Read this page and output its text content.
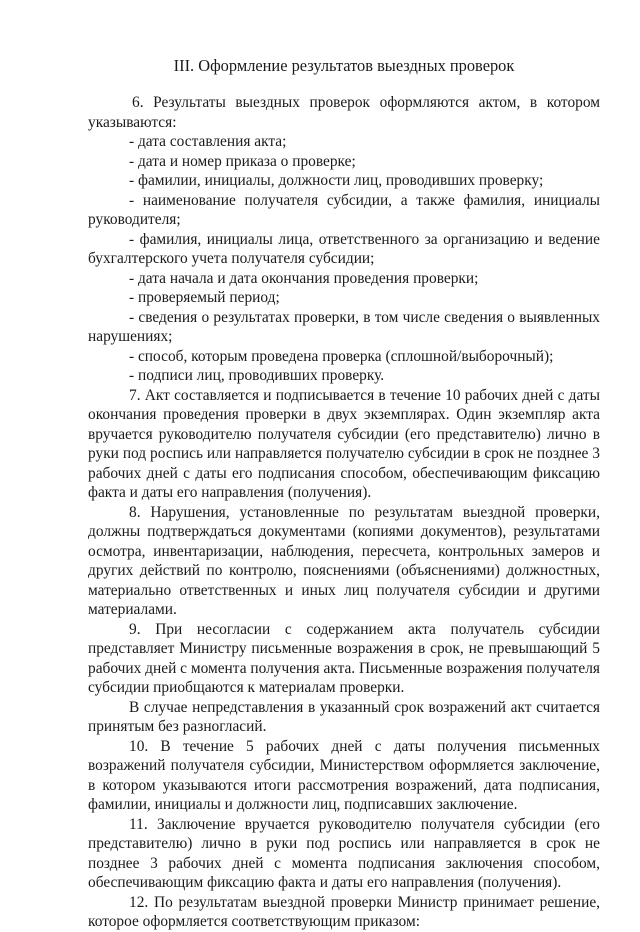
III. Оформление результатов выездных проверок
6. Результаты выездных проверок оформляются актом, в котором
указываются:
- дата составления акта;
- дата и номер приказа о проверке;
- фамилии, инициалы, должности лиц, проводивших проверку;
- наименование получателя субсидии, а также фамилия, инициалы
руководителя;
- фамилия, инициалы лица, ответственного за организацию и ведение
бухгалтерского учета получателя субсидии;
- дата начала и дата окончания проведения проверки;
- проверяемый период;
- сведения о результатах проверки, в том числе сведения о выявленных
нарушениях;
- способ, которым проведена проверка (сплошной/выборочный);
- подписи лиц, проводивших проверку.
7. Акт составляется и подписывается в течение 10 рабочих дней с даты
окончания проведения проверки в двух экземплярах. Один экземпляр акта
вручается руководителю получателя субсидии (его представителю) лично в
руки под роспись или направляется получателю субсидии в срок не позднее 3
рабочих дней с даты его подписания способом, обеспечивающим фиксацию
факта и даты его направления (получения).
8. Нарушения, установленные по результатам выездной проверки,
должны подтверждаться документами (копиями документов), результатами
осмотра, инвентаризации, наблюдения, пересчета, контрольных замеров и
других действий по контролю, пояснениями (объяснениями) должностных,
материально ответственных и иных лиц получателя субсидии и другими
материалами.
9. При несогласии с содержанием акта получатель субсидии
представляет Министру письменные возражения в срок, не превышающий 5
рабочих дней с момента получения акта. Письменные возражения получателя
субсидии приобщаются к материалам проверки.
В случае непредставления в указанный срок возражений акт считается
принятым без разногласий.
10. В течение 5 рабочих дней с даты получения письменных
возражений получателя субсидии, Министерством оформляется заключение,
в котором указываются итоги рассмотрения возражений, дата подписания,
фамилии, инициалы и должности лиц, подписавших заключение.
11. Заключение вручается руководителю получателя субсидии (его
представителю) лично в руки под роспись или направляется в срок не
позднее 3 рабочих дней с момента подписания заключения способом,
обеспечивающим фиксацию факта и даты его направления (получения).
12. По результатам выездной проверки Министр принимает решение,
которое оформляется соответствующим приказом:
